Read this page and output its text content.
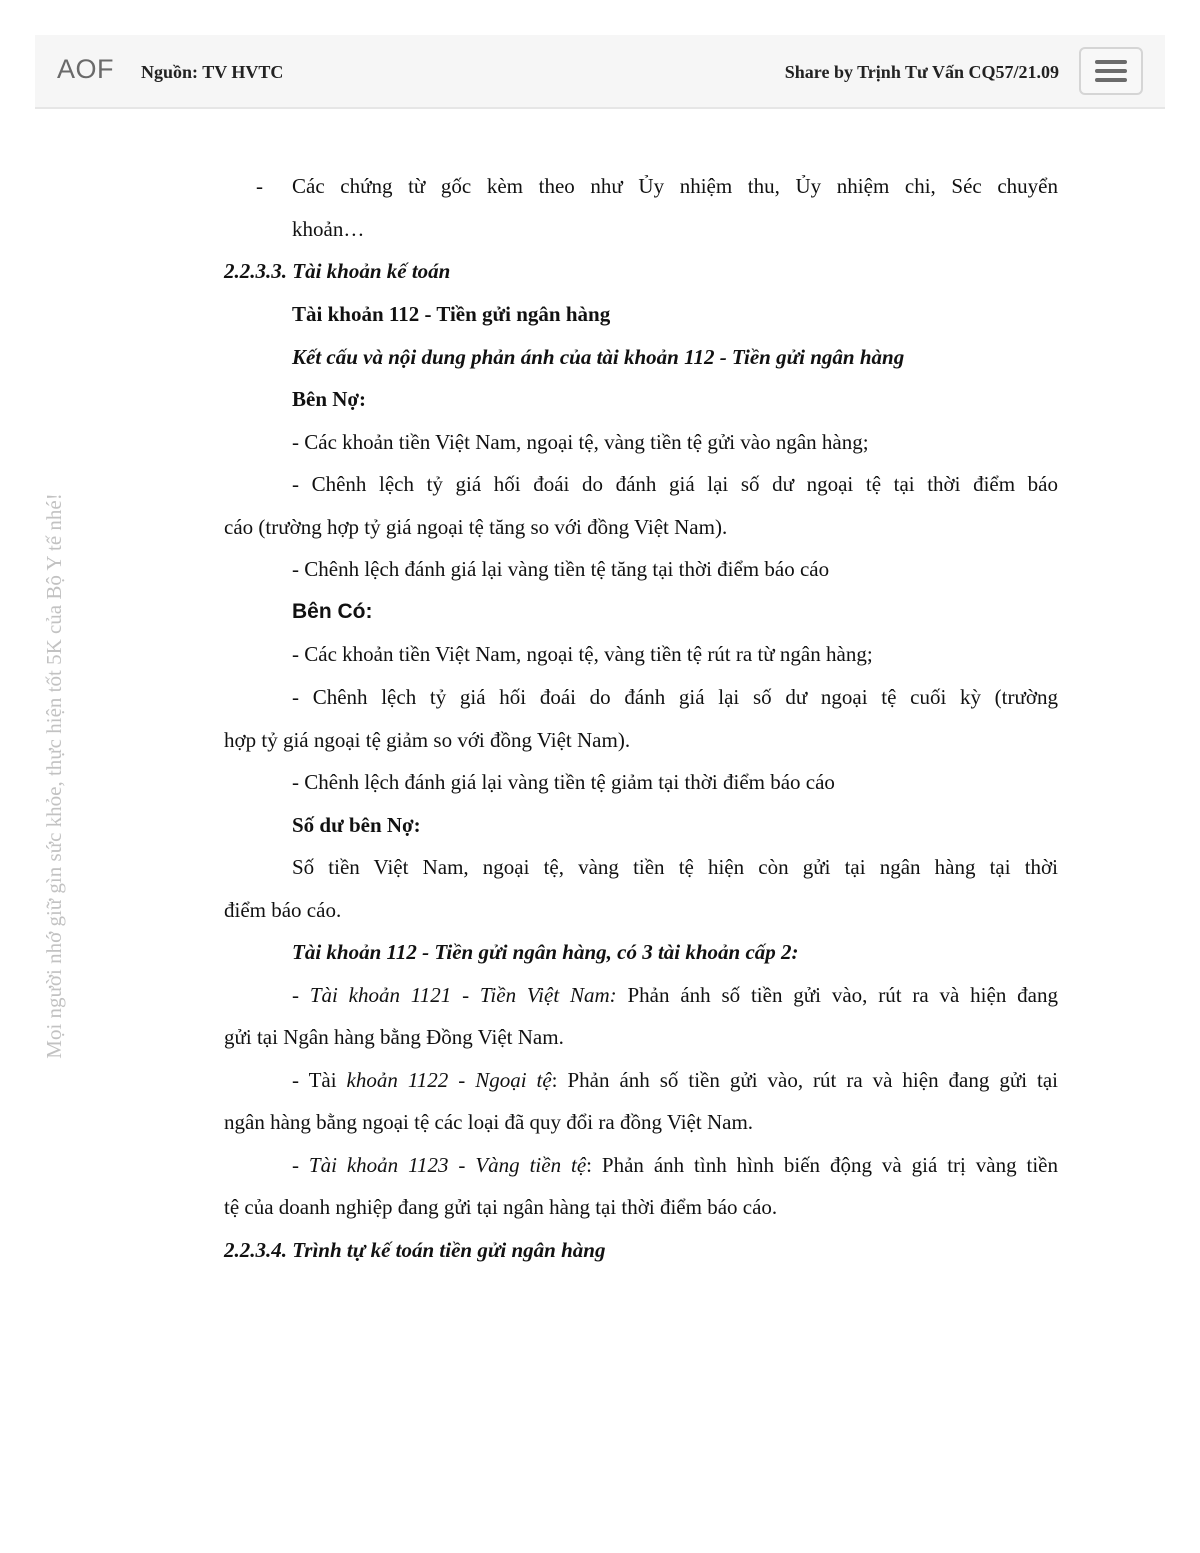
AOF Nguồn: TV HVTC	Share by Trịnh Tư Vấn CQ57/21.09
Mọi người nhớ giữ gìn sức khỏe, thực hiện tốt 5K của Bộ Y tế nhé!
- Các chứng từ gốc kèm theo như Ủy nhiệm thu, Ủy nhiệm chi, Séc chuyển
khoản…
2.2.3.3. Tài khoản kế toán
Tài khoản 112 - Tiền gửi ngân hàng
Kết cấu và nội dung phản ánh của tài khoản 112 - Tiền gửi ngân hàng
Bên Nợ:
- Các khoản tiền Việt Nam, ngoại tệ, vàng tiền tệ gửi vào ngân hàng;
- Chênh lệch tỷ giá hối đoái do đánh giá lại số dư ngoại tệ tại thời điểm báo
cáo (trường hợp tỷ giá ngoại tệ tăng so với đồng Việt Nam).
- Chênh lệch đánh giá lại vàng tiền tệ tăng tại thời điểm báo cáo
Bên Có:
- Các khoản tiền Việt Nam, ngoại tệ, vàng tiền tệ rút ra từ ngân hàng;
- Chênh lệch tỷ giá hối đoái do đánh giá lại số dư ngoại tệ cuối kỳ (trường
hợp tỷ giá ngoại tệ giảm so với đồng Việt Nam).
- Chênh lệch đánh giá lại vàng tiền tệ giảm tại thời điểm báo cáo
Số dư bên Nợ:
Số tiền Việt Nam, ngoại tệ, vàng tiền tệ hiện còn gửi tại ngân hàng tại thời
điểm báo cáo.
Tài khoản 112 - Tiền gửi ngân hàng, có 3 tài khoản cấp 2:
- Tài khoản 1121 - Tiền Việt Nam: Phản ánh số tiền gửi vào, rút ra và hiện đang
gửi tại Ngân hàng bằng Đồng Việt Nam.
- Tài khoản 1122 - Ngoại tệ: Phản ánh số tiền gửi vào, rút ra và hiện đang gửi tại
ngân hàng bằng ngoại tệ các loại đã quy đổi ra đồng Việt Nam.
- Tài khoản 1123 - Vàng tiền tệ: Phản ánh tình hình biến động và giá trị vàng tiền
tệ của doanh nghiệp đang gửi tại ngân hàng tại thời điểm báo cáo.
2.2.3.4. Trình tự kế toán tiền gửi ngân hàng
